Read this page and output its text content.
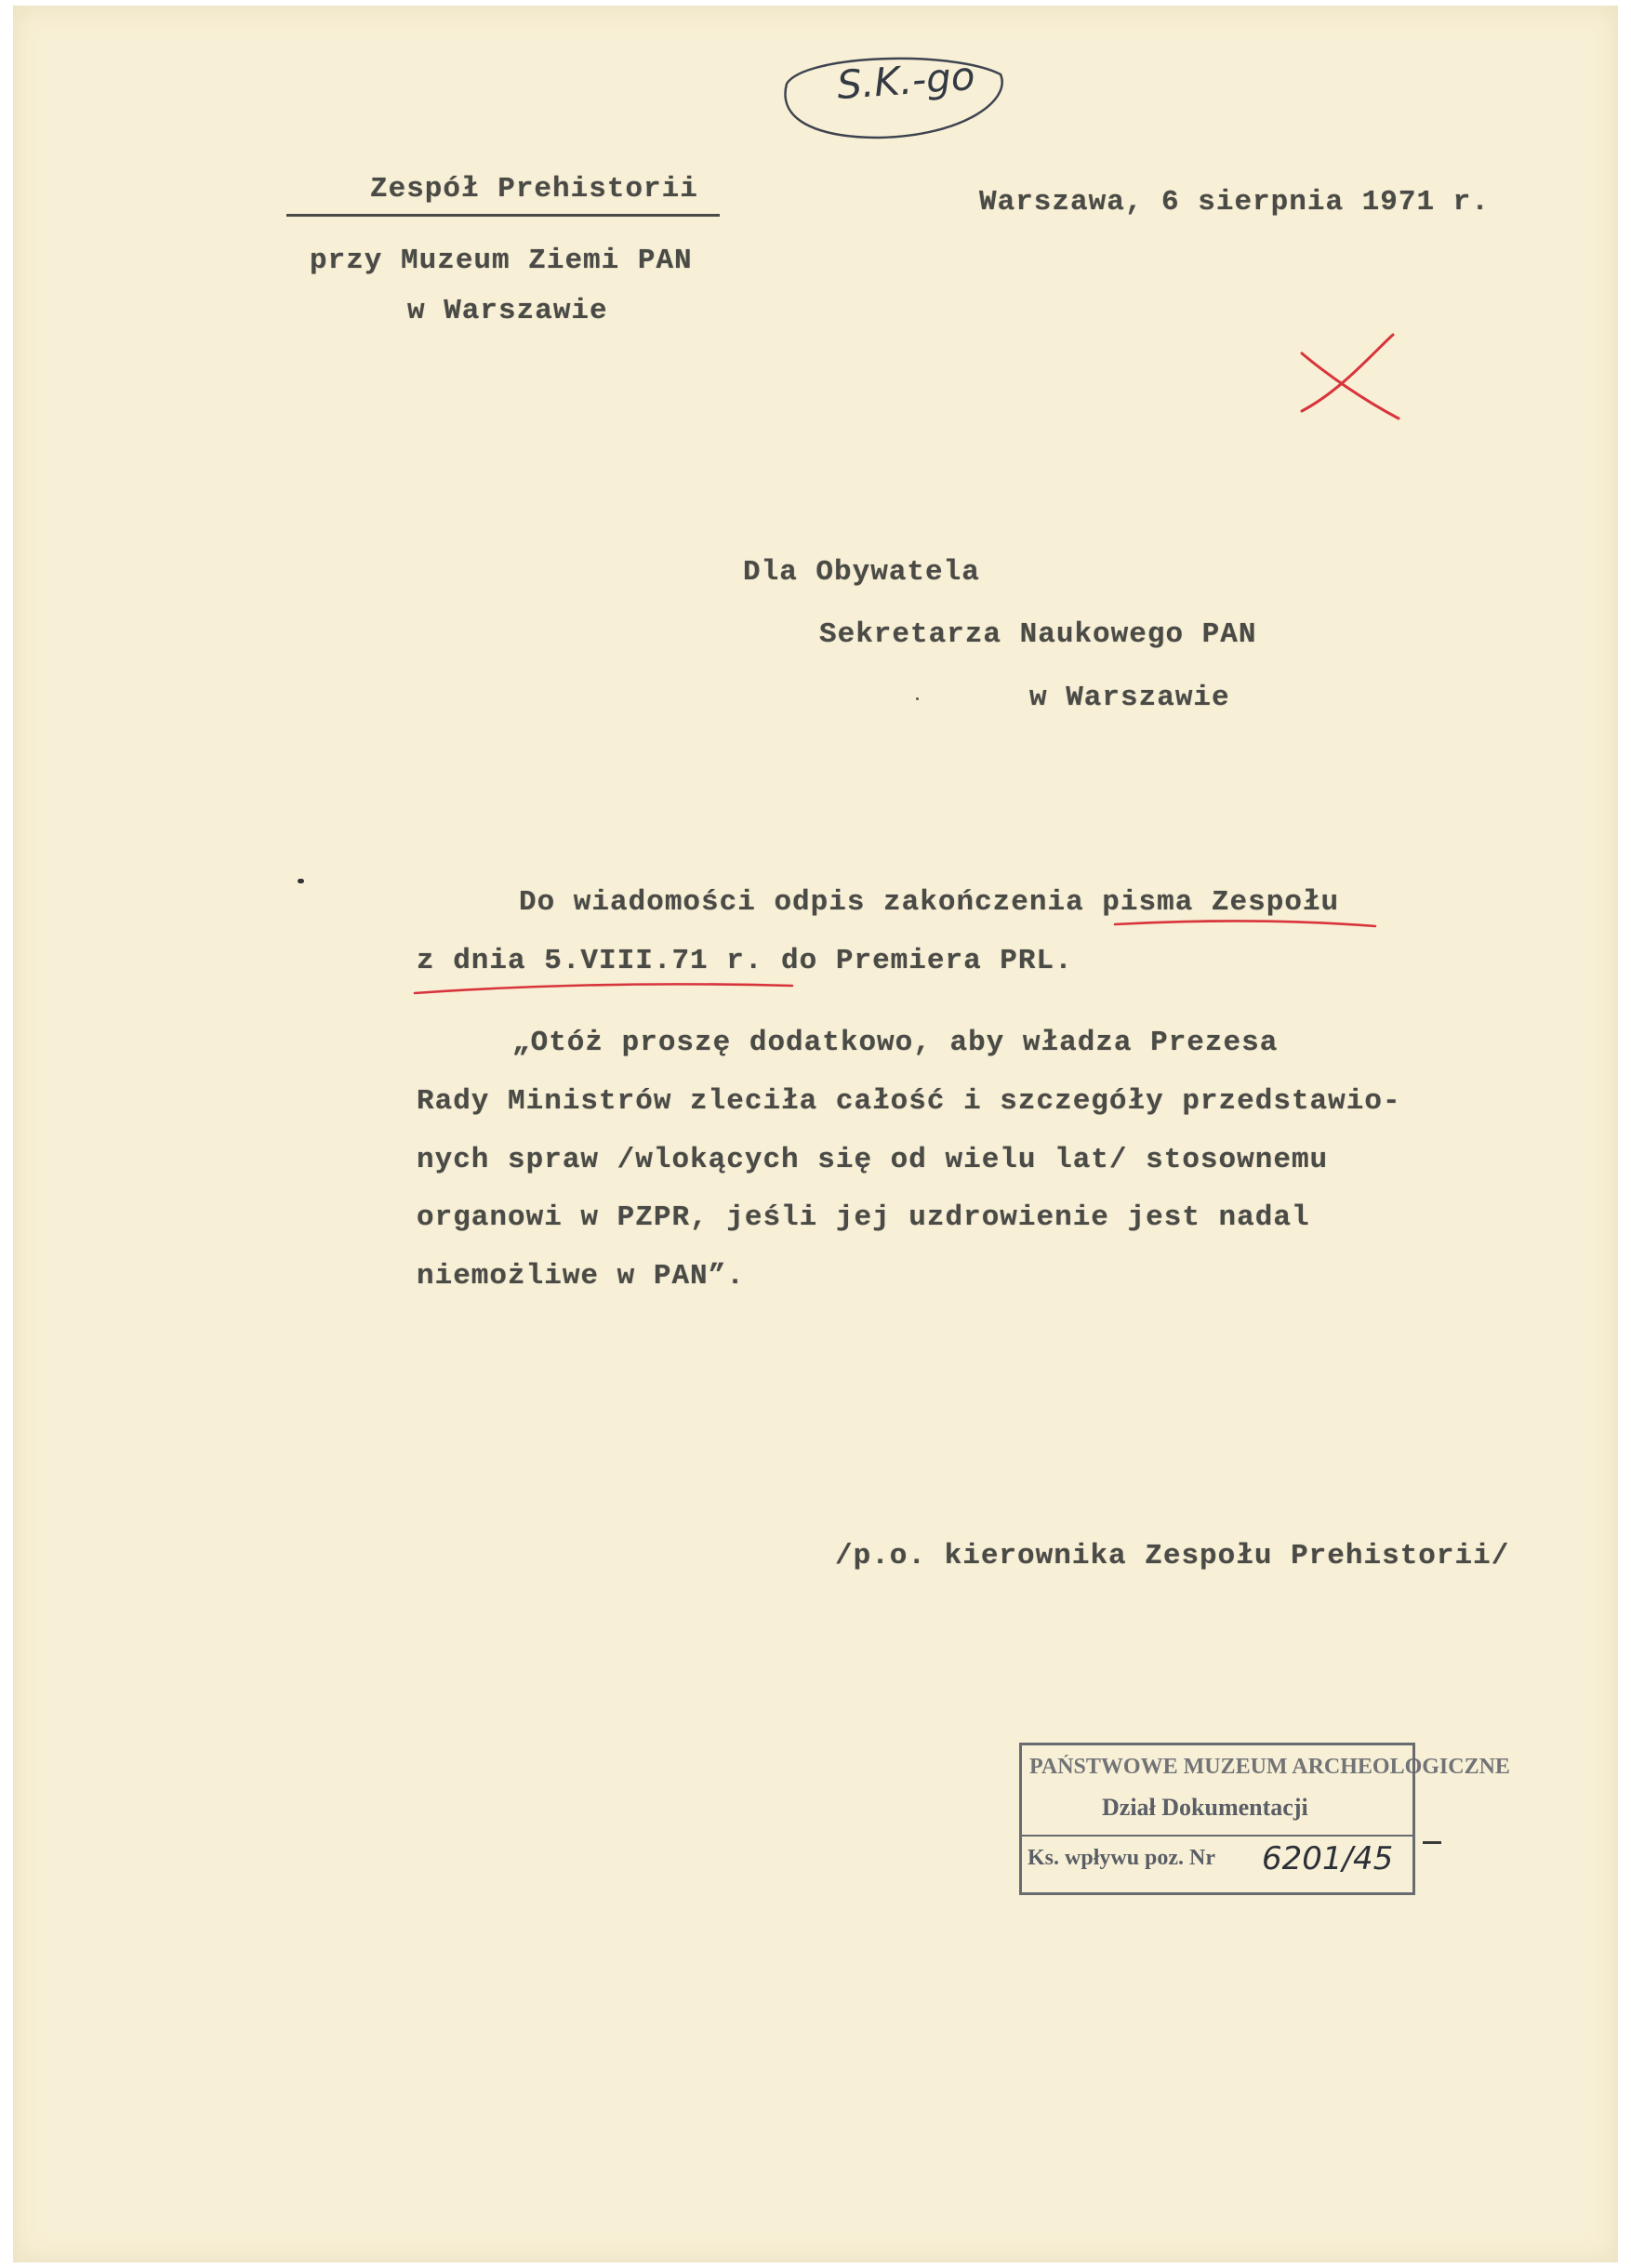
S.K.-go
Zespół Prehistorii
przy Muzeum Ziemi PAN
w Warszawie
Warszawa, 6 sierpnia 1971 r.
Dla Obywatela
Sekretarza Naukowego PAN
w Warszawie
Do wiadomości odpis zakończenia pisma Zespołu
z dnia 5.VIII.71 r. do Premiera PRL.
„Otóż proszę dodatkowo, aby władza Prezesa
Rady Ministrów zleciła całość i szczegóły przedstawio-
nych spraw /wlokących się od wielu lat/ stosownemu
organowi w PZPR, jeśli jej uzdrowienie jest nadal
niemożliwe w PAN”.
/p.o. kierownika Zespołu Prehistorii/
PAŃSTWOWE MUZEUM ARCHEOLOGICZNE
Dział Dokumentacji
Ks. wpływu poz. Nr 6201/45
